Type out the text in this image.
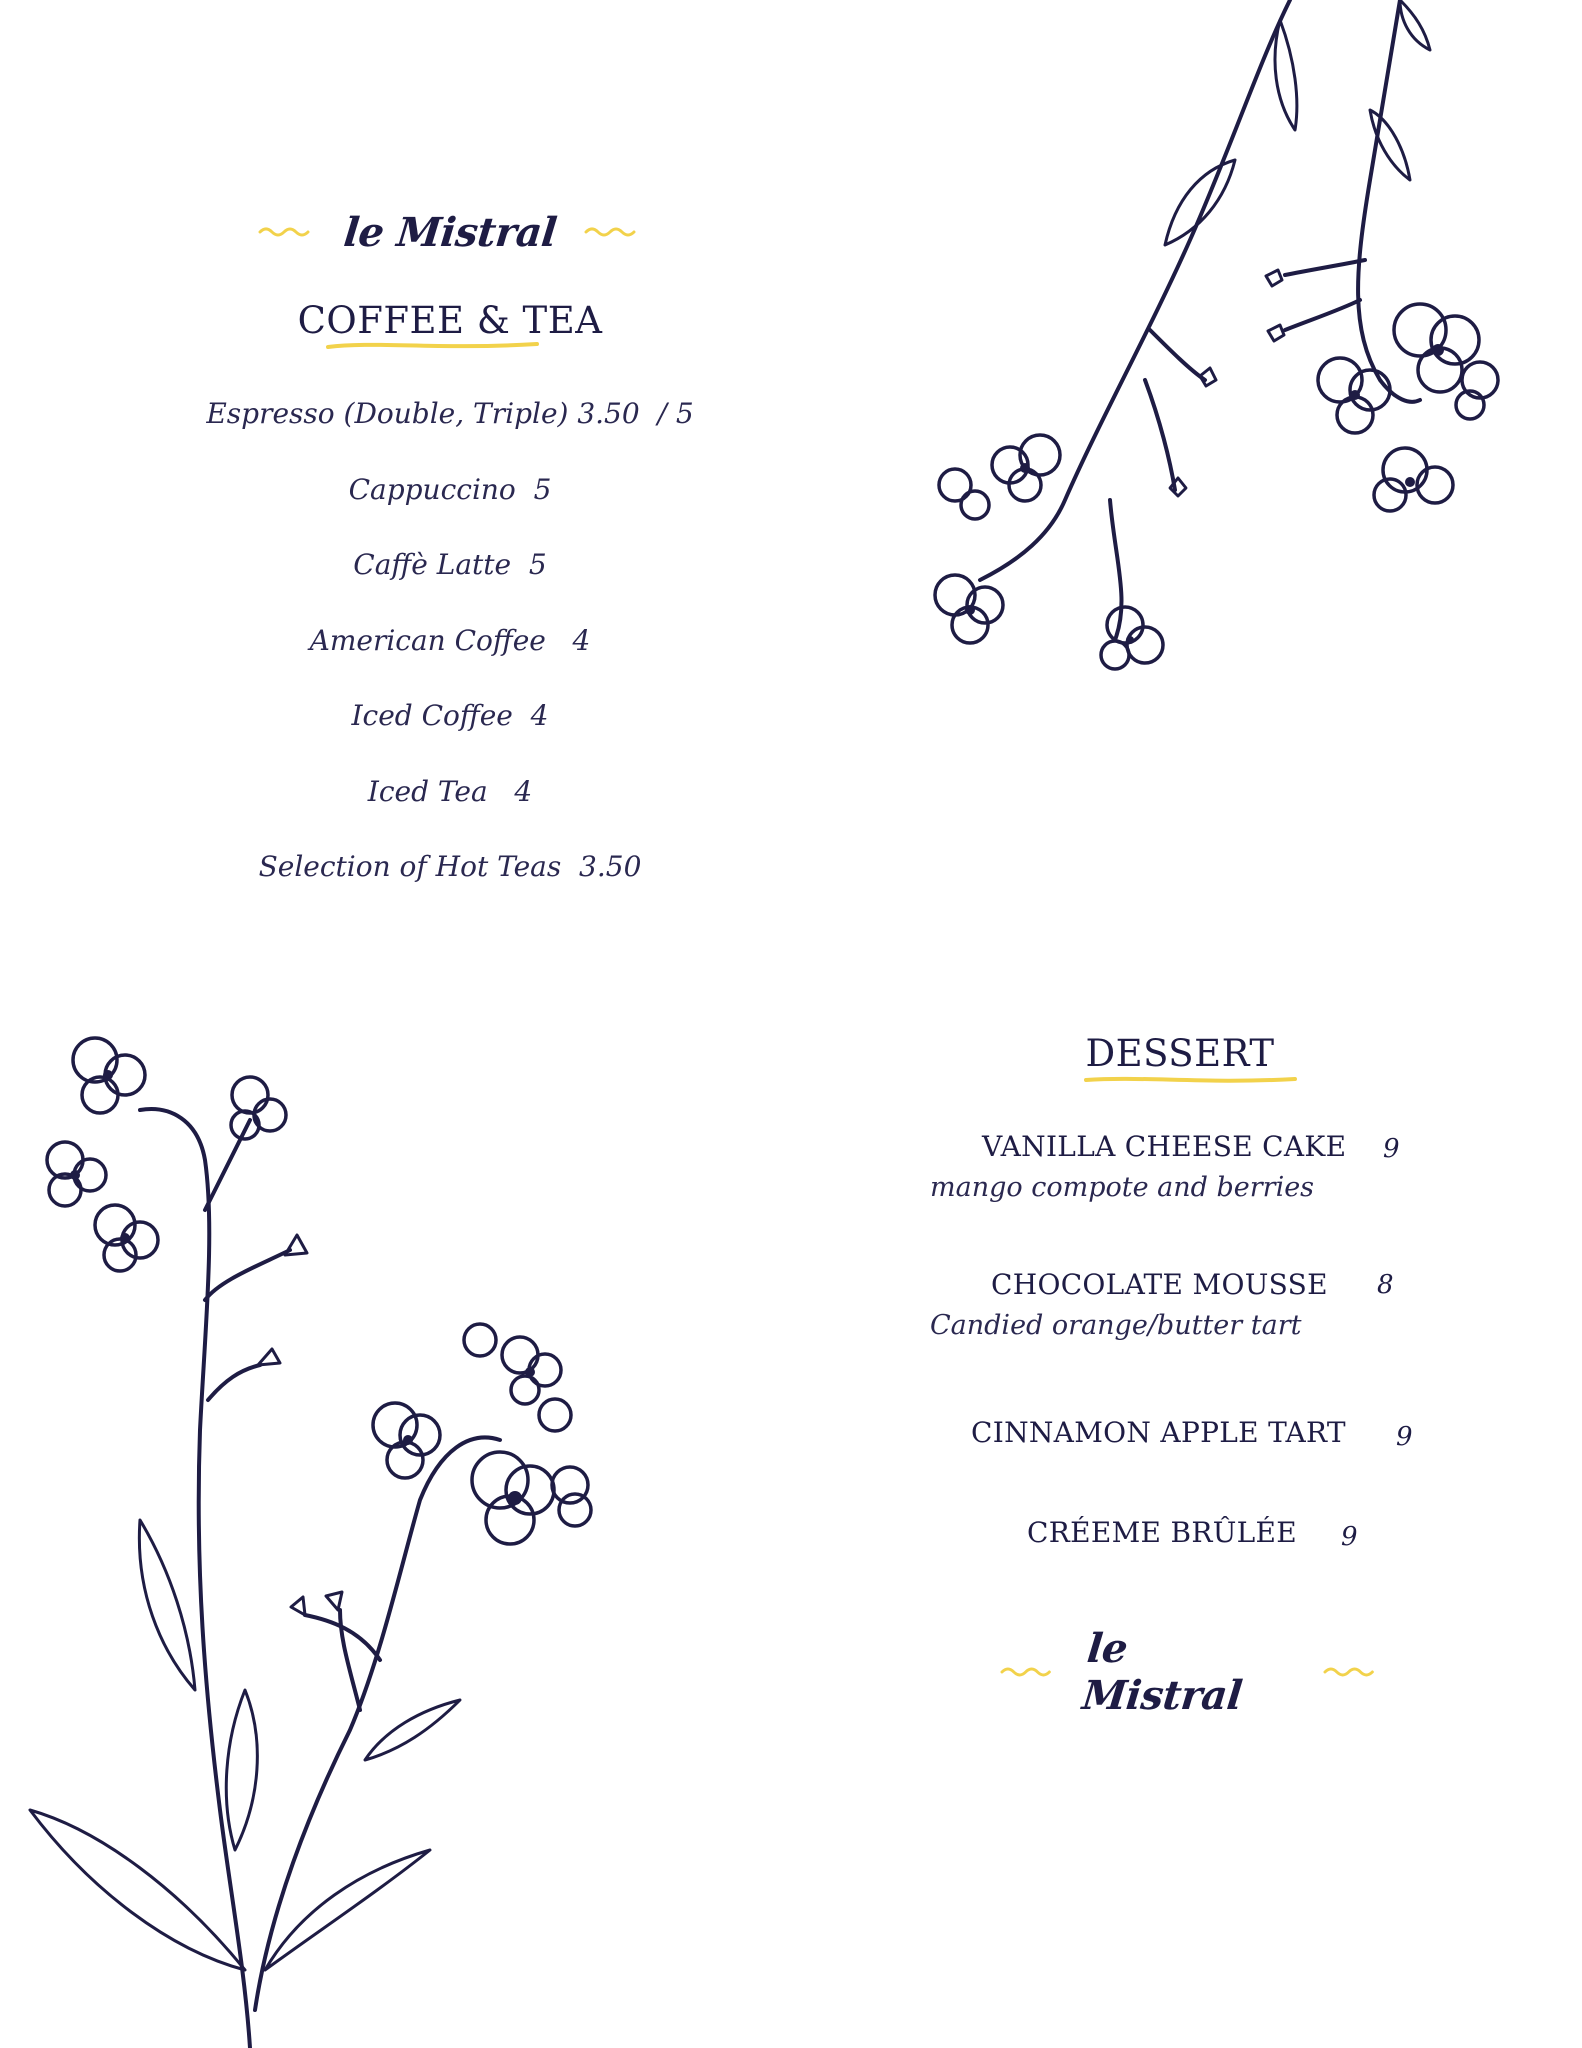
le Mistral
COFFEE & TEA
Espresso (Double, Triple) 3.50  / 5
Cappuccino  5
Caffè Latte  5
American Coffee   4
Iced Coffee  4
Iced Tea   4
Selection of Hot Teas  3.50
DESSERT
VANILLA CHEESE CAKE 9
mango compote and berries
CHOCOLATE MOUSSE 8
Candied orange/butter tart
CINNAMON APPLE TART 9
CRÉEME BRÛLÉE 9
le Mistral
